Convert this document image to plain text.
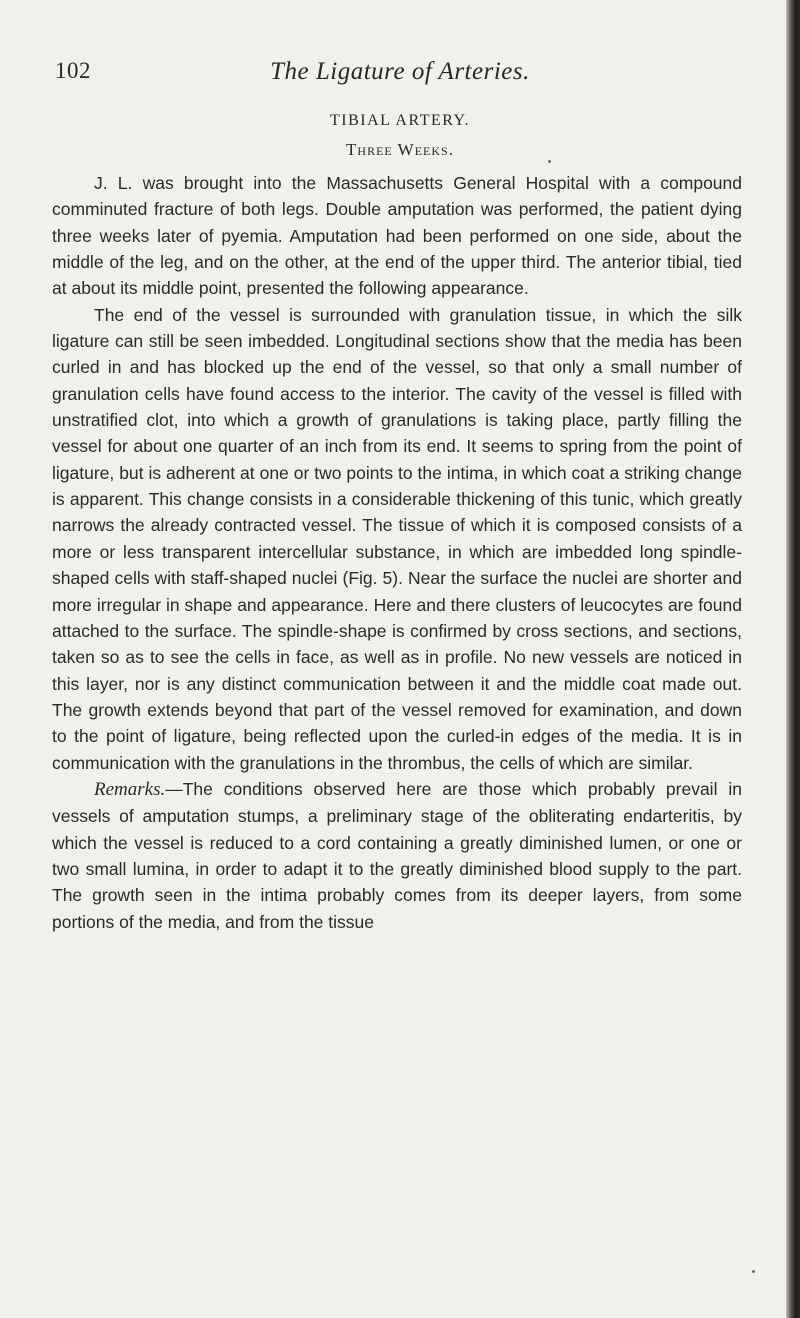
102	The Ligature of Arteries.
TIBIAL ARTERY.
Three Weeks.

J. L. was brought into the Massachusetts General Hospital with a compound comminuted fracture of both legs. Double amputation was performed, the patient dying three weeks later of pyemia. Amputation had been performed on one side, about the middle of the leg, and on the other, at the end of the upper third. The anterior tibial, tied at about its middle point, presented the following appearance.

The end of the vessel is surrounded with granulation tissue, in which the silk ligature can still be seen imbedded. Longitudinal sections show that the media has been curled in and has blocked up the end of the vessel, so that only a small number of granulation cells have found access to the interior. The cavity of the vessel is filled with unstratified clot, into which a growth of granulations is taking place, partly filling the vessel for about one quarter of an inch from its end. It seems to spring from the point of ligature, but is adherent at one or two points to the intima, in which coat a striking change is apparent. This change consists in a considerable thickening of this tunic, which greatly narrows the already contracted vessel. The tissue of which it is composed consists of a more or less transparent intercellular substance, in which are imbedded long spindle-shaped cells with staff-shaped nuclei (Fig. 5). Near the surface the nuclei are shorter and more irregular in shape and appearance. Here and there clusters of leucocytes are found attached to the surface. The spindle-shape is confirmed by cross sections, and sections, taken so as to see the cells in face, as well as in profile. No new vessels are noticed in this layer, nor is any distinct communication between it and the middle coat made out. The growth extends beyond that part of the vessel removed for examination, and down to the point of ligature, being reflected upon the curled-in edges of the media. It is in communication with the granulations in the thrombus, the cells of which are similar.

Remarks.—The conditions observed here are those which probably prevail in vessels of amputation stumps, a preliminary stage of the obliterating endarteritis, by which the vessel is reduced to a cord containing a greatly diminished lumen, or one or two small lumina, in order to adapt it to the greatly diminished blood supply to the part. The growth seen in the intima probably comes from its deeper layers, from some portions of the media, and from the tissue
